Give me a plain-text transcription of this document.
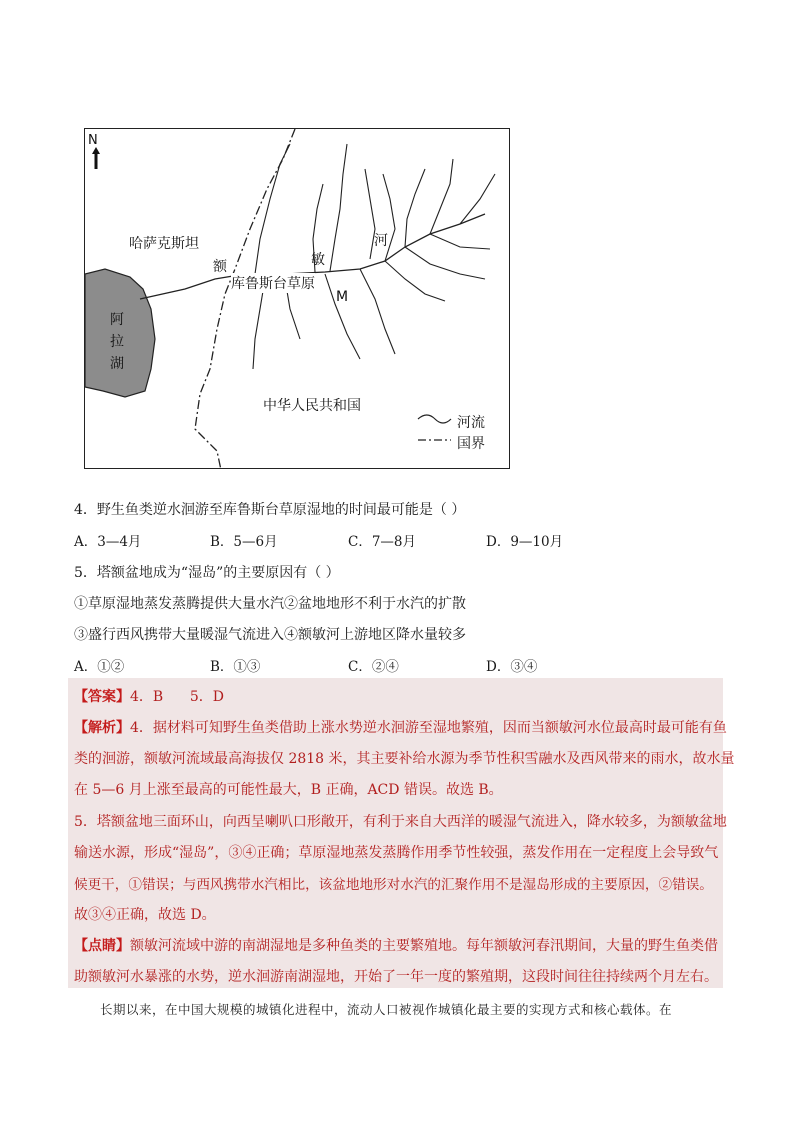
N
哈萨克斯坦
额	敏
河
库鲁斯台草原
M
阿
拉
湖
中华人民共和国
河流
国界
4．野生鱼类逆水洄游至库鲁斯台草原湿地的时间最可能是（ ）
A．3—4月	B．5—6月	C．7—8月	D．9—10月
5．塔额盆地成为“湿岛”的主要原因有（ ）
①草原湿地蒸发蒸腾提供大量水汽②盆地地形不利于水汽的扩散
③盛行西风携带大量暖湿气流进入④额敏河上游地区降水量较多
A．①②	B．①③	C．②④	D．③④
【答案】4．B      5．D
【解析】4．据材料可知野生鱼类借助上涨水势逆水洄游至湿地繁殖，因而当额敏河水位最高时最可能有鱼
类的洄游，额敏河流域最高海拔仅 2818 米，其主要补给水源为季节性积雪融水及西风带来的雨水，故水量
在 5—6 月上涨至最高的可能性最大，B 正确，ACD 错误。故选 B。
5．塔额盆地三面环山，向西呈喇叭口形敞开，有利于来自大西洋的暖湿气流进入，降水较多，为额敏盆地
输送水源，形成“湿岛”，③④正确；草原湿地蒸发蒸腾作用季节性较强，蒸发作用在一定程度上会导致气
候更干，①错误；与西风携带水汽相比，该盆地地形对水汽的汇聚作用不是湿岛形成的主要原因，②错误。
故③④正确，故选 D。
【点睛】额敏河流域中游的南湖湿地是多种鱼类的主要繁殖地。每年额敏河春汛期间，大量的野生鱼类借
助额敏河水暴涨的水势，逆水洄游南湖湿地，开始了一年一度的繁殖期，这段时间往往持续两个月左右。
长期以来，在中国大规模的城镇化进程中，流动人口被视作城镇化最主要的实现方式和核心载体。在
